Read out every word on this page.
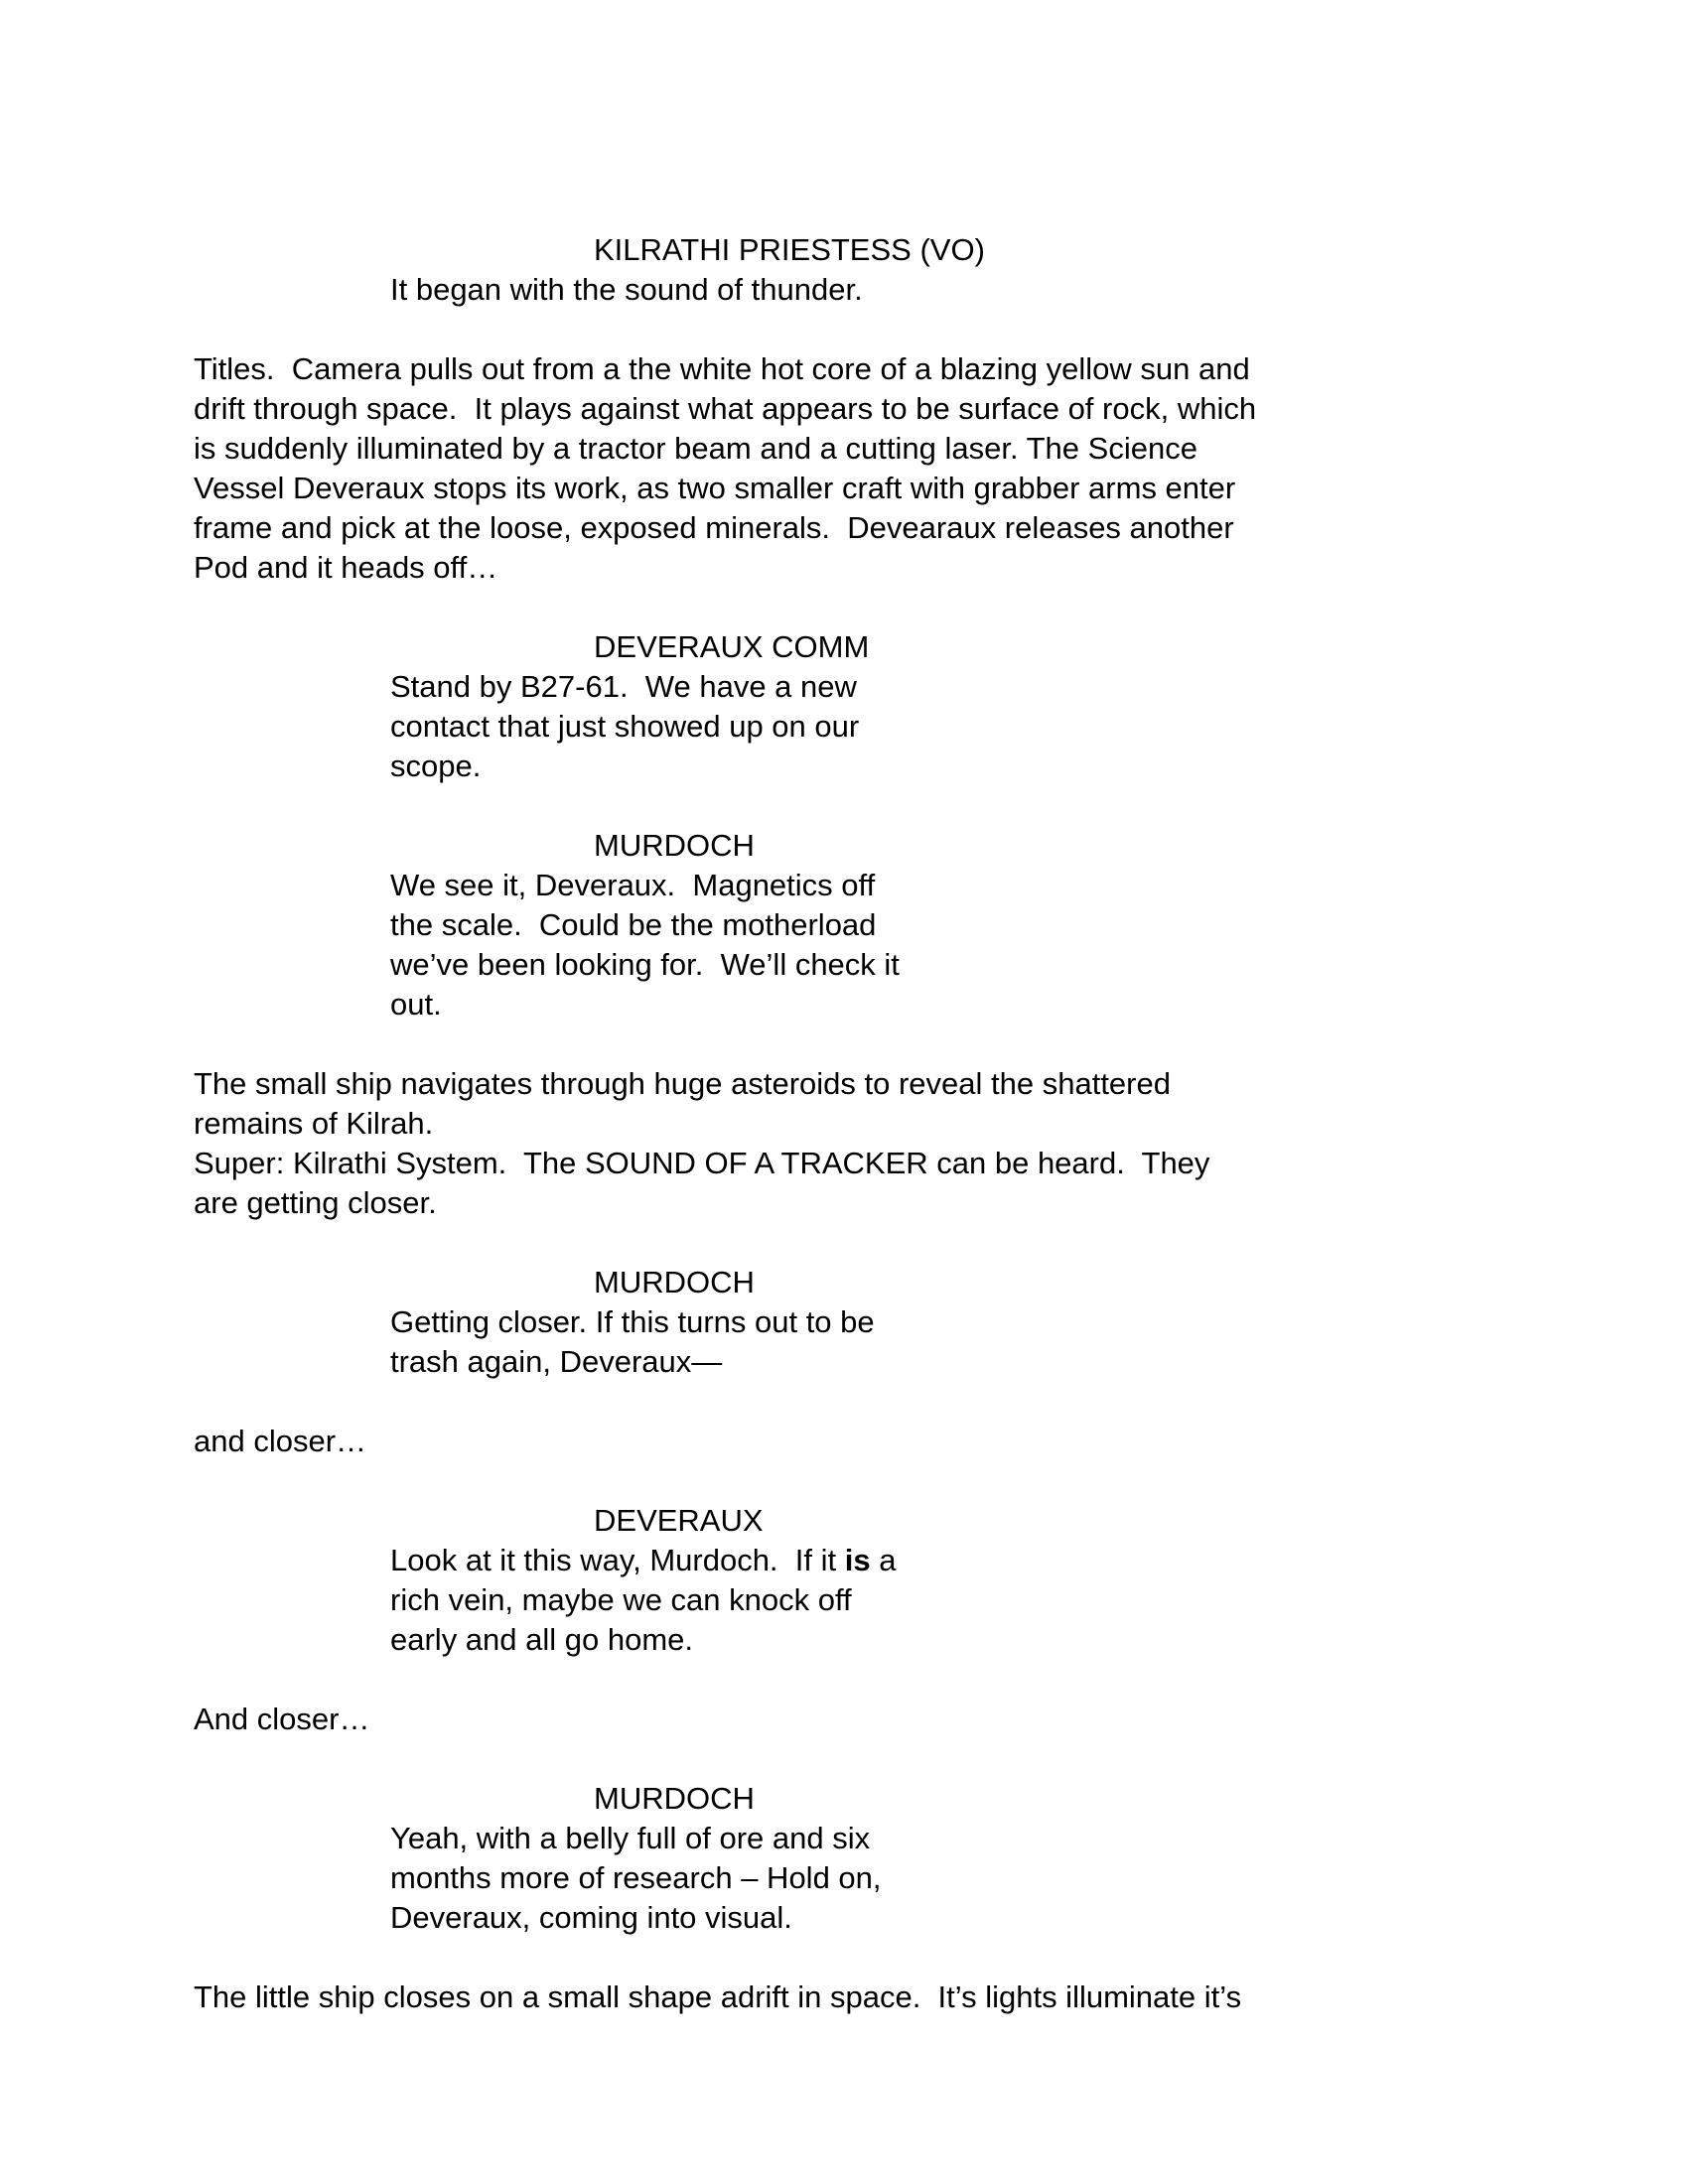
KILRATHI PRIESTESS (VO)
It began with the sound of thunder.
Titles.  Camera pulls out from a the white hot core of a blazing yellow sun and
drift through space.  It plays against what appears to be surface of rock, which
is suddenly illuminated by a tractor beam and a cutting laser. The Science
Vessel Deveraux stops its work, as two smaller craft with grabber arms enter
frame and pick at the loose, exposed minerals.  Devearaux releases another
Pod and it heads off…
DEVERAUX COMM
Stand by B27-61.  We have a new
contact that just showed up on our
scope.
MURDOCH
We see it, Deveraux.  Magnetics off
the scale.  Could be the motherload
we’ve been looking for.  We’ll check it
out.
The small ship navigates through huge asteroids to reveal the shattered
remains of Kilrah.
Super: Kilrathi System.  The SOUND OF A TRACKER can be heard.  They
are getting closer.
MURDOCH
Getting closer. If this turns out to be
trash again, Deveraux—
and closer…
DEVERAUX
Look at it this way, Murdoch.  If it is a
rich vein, maybe we can knock off
early and all go home.
And closer…
MURDOCH
Yeah, with a belly full of ore and six
months more of research – Hold on,
Deveraux, coming into visual.
The little ship closes on a small shape adrift in space.  It’s lights illuminate it’s
